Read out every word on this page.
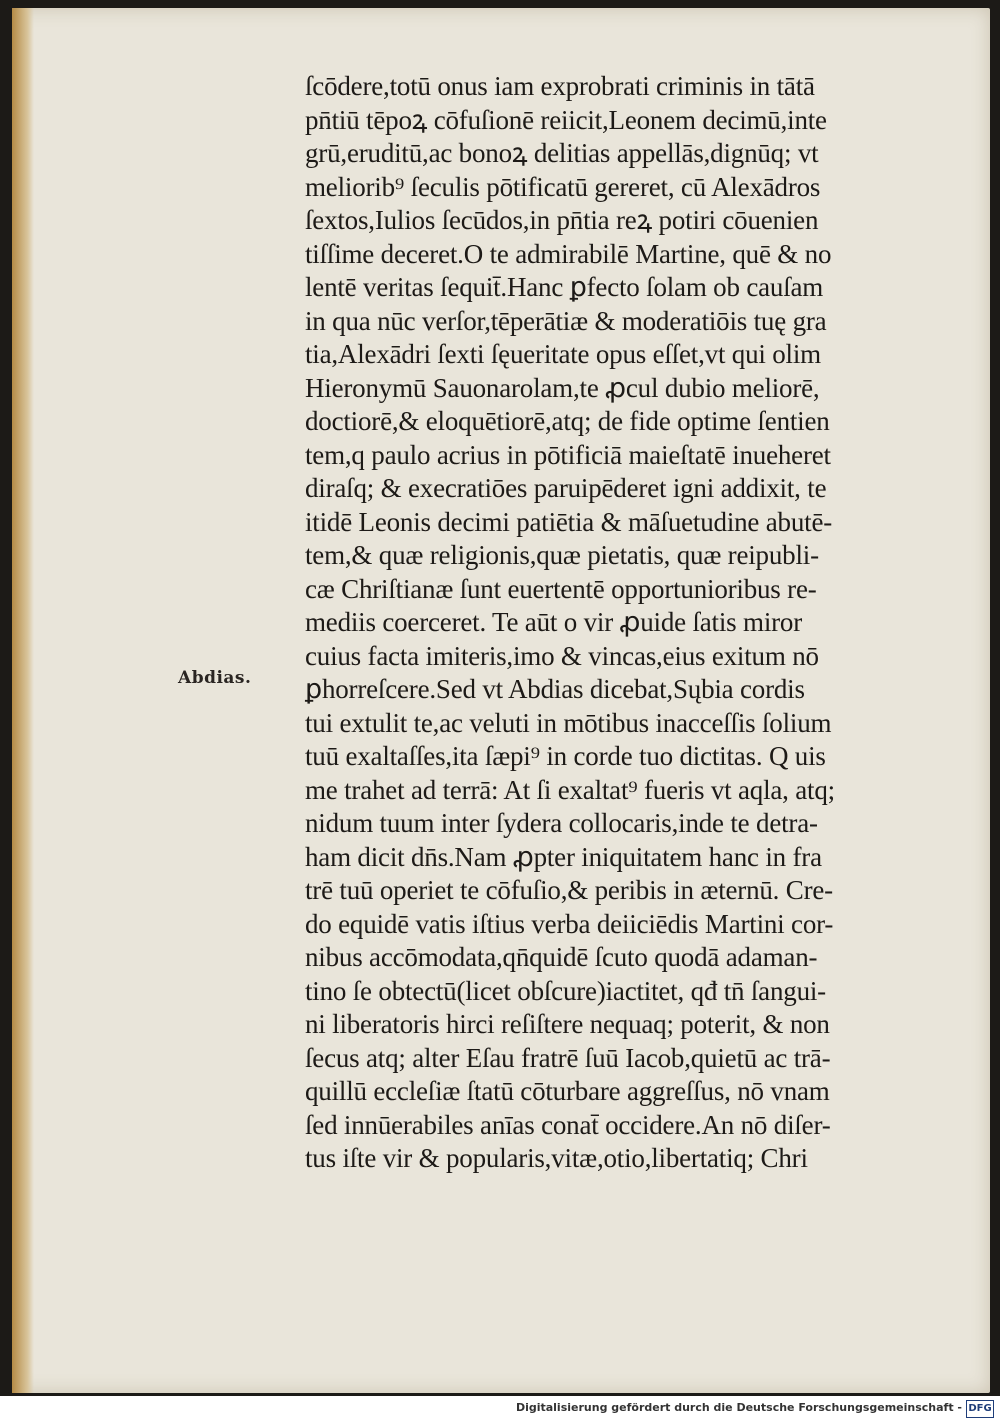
ſcōdere,totū onus iam exprobrati criminis in tātā
pn̄tiū tēpoꝝ cōfuſionē reiicit,Leonem decimū,inte
grū,eruditū,ac bonoꝝ delitias appellās,dignūq; vt
meliorib⁹ ſeculis pōtificatū gereret, cū Alexādros
ſextos,Iulios ſecūdos,in pn̄tia reꝝ potiri cōuenien
tiſſime deceret.O te admirabilē Martine, quē & no
lentē veritas ſequit̄.Hanc ꝑfecto ſolam ob cauſam
in qua nūc verſor,tēperātiæ & moderatiōis tuę gra
tia,Alexādri ſexti ſęueritate opus eſſet,vt qui olim
Hieronymū Sauonarolam,te ꝓcul dubio meliorē,
doctiorē,& eloquētiorē,atq; de fide optime ſentien
tem,q paulo acrius in pōtificiā maieſtatē inueheret
diraſq; & execratiōes paruipēderet igni addixit, te
itidē Leonis decimi patiētia & māſuetudine abutē-
tem,& quæ religionis,quæ pietatis, quæ reipubli-
cæ Chriſtianæ ſunt euertentē opportunioribus re-
mediis coerceret. Te aūt o vir ꝓuide ſatis miror
cuius facta imiteris,imo & vincas,eius exitum nō
ꝑhorreſcere.Sed vt Abdias dicebat,Sųbia cordis
tui extulit te,ac veluti in mōtibus inacceſſis ſolium
tuū exaltaſſes,ita ſæpi⁹ in corde tuo dictitas. Q uis
me trahet ad terrā: At ſi exaltat⁹ fueris vt aqla, atq;
nidum tuum inter ſydera collocaris,inde te detra-
ham dicit dn̄s.Nam ꝓpter iniquitatem hanc in fra
trē tuū operiet te cōfuſio,& peribis in æternū. Cre-
do equidē vatis iſtius verba deiiciēdis Martini cor-
nibus accōmodata,qn̄quidē ſcuto quodā adaman-
tino ſe obtectū(licet obſcure)iactitet, qđ tn̄ ſangui-
ni liberatoris hirci reſiſtere nequaq; poterit, & non
ſecus atq; alter Eſau fratrē ſuū Iacob,quietū ac trā-
quillū eccleſiæ ſtatū cōturbare aggreſſus, nō vnam
ſed innūerabiles anīas conat̄ occidere.An nō diſer-
tus iſte vir & popularis,vitæ,otio,libertatiq; Chri
Abdias.
Digitalisierung gefördert durch die Deutsche Forschungsgemeinschaft - DFG
